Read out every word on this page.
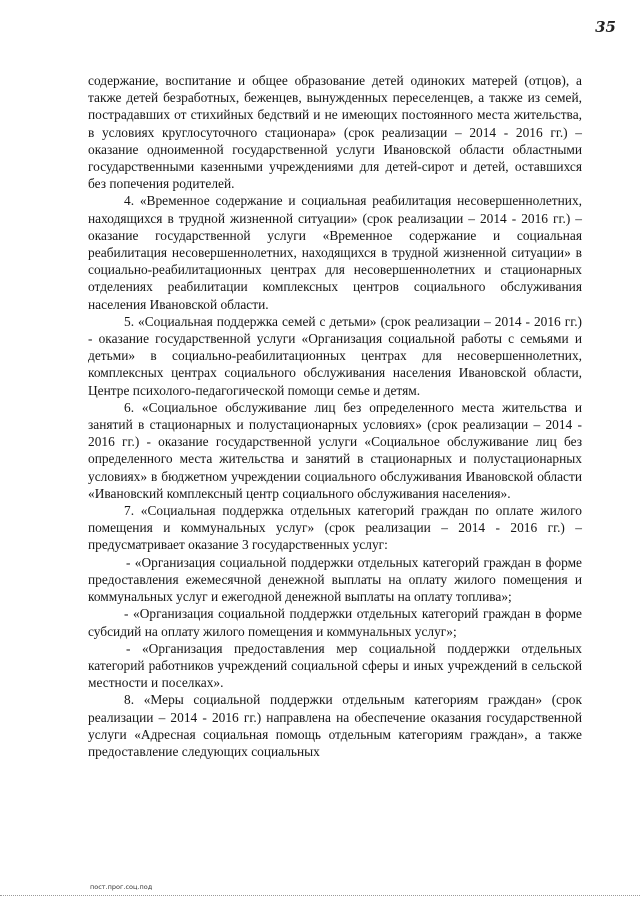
35

содержание, воспитание и общее образование детей одиноких матерей (отцов), а также детей безработных, беженцев, вынужденных переселенцев, а также из семей, пострадавших от стихийных бедствий и не имеющих постоянного места жительства, в условиях круглосуточного стационара» (срок реализации – 2014 - 2016 гг.) – оказание одноименной государственной услуги Ивановской области областными государственными казенными учреждениями для детей-сирот и детей, оставшихся без попечения родителей.

4. «Временное содержание и социальная реабилитация несовершеннолетних, находящихся в трудной жизненной ситуации» (срок реализации – 2014 - 2016 гг.) – оказание государственной услуги «Временное содержание и социальная реабилитация несовершеннолетних, находящихся в трудной жизненной ситуации» в социально-реабилитационных центрах для несовершеннолетних и стационарных отделениях реабилитации комплексных центров социального обслуживания населения Ивановской области.

5. «Социальная поддержка семей с детьми» (срок реализации – 2014 - 2016 гг.) - оказание государственной услуги «Организация социальной работы с семьями и детьми» в социально-реабилитационных центрах для несовершеннолетних, комплексных центрах социального обслуживания населения Ивановской области, Центре психолого-педагогической помощи семье и детям.

6. «Социальное обслуживание лиц без определенного места жительства и занятий в стационарных и полустационарных условиях» (срок реализации – 2014 - 2016 гг.) - оказание государственной услуги «Социальное обслуживание лиц без определенного места жительства и занятий в стационарных и полустационарных условиях» в бюджетном учреждении социального обслуживания Ивановской области «Ивановский комплексный центр социального обслуживания населения».

7. «Социальная поддержка отдельных категорий граждан по оплате жилого помещения и коммунальных услуг» (срок реализации – 2014 - 2016 гг.) – предусматривает оказание 3 государственных услуг:

- «Организация социальной поддержки отдельных категорий граждан в форме предоставления ежемесячной денежной выплаты на оплату жилого помещения и коммунальных услуг и ежегодной денежной выплаты на оплату топлива»;

- «Организация социальной поддержки отдельных категорий граждан в форме субсидий на оплату жилого помещения и коммунальных услуг»;

- «Организация предоставления мер социальной поддержки отдельных категорий работников учреждений социальной сферы и иных учреждений в сельской местности и поселках».

8. «Меры социальной поддержки отдельным категориям граждан» (срок реализации – 2014 - 2016 гг.) направлена на обеспечение оказания государственной услуги «Адресная социальная помощь отдельным категориям граждан», а также предоставление следующих социальных

пост.прог.соц.под
